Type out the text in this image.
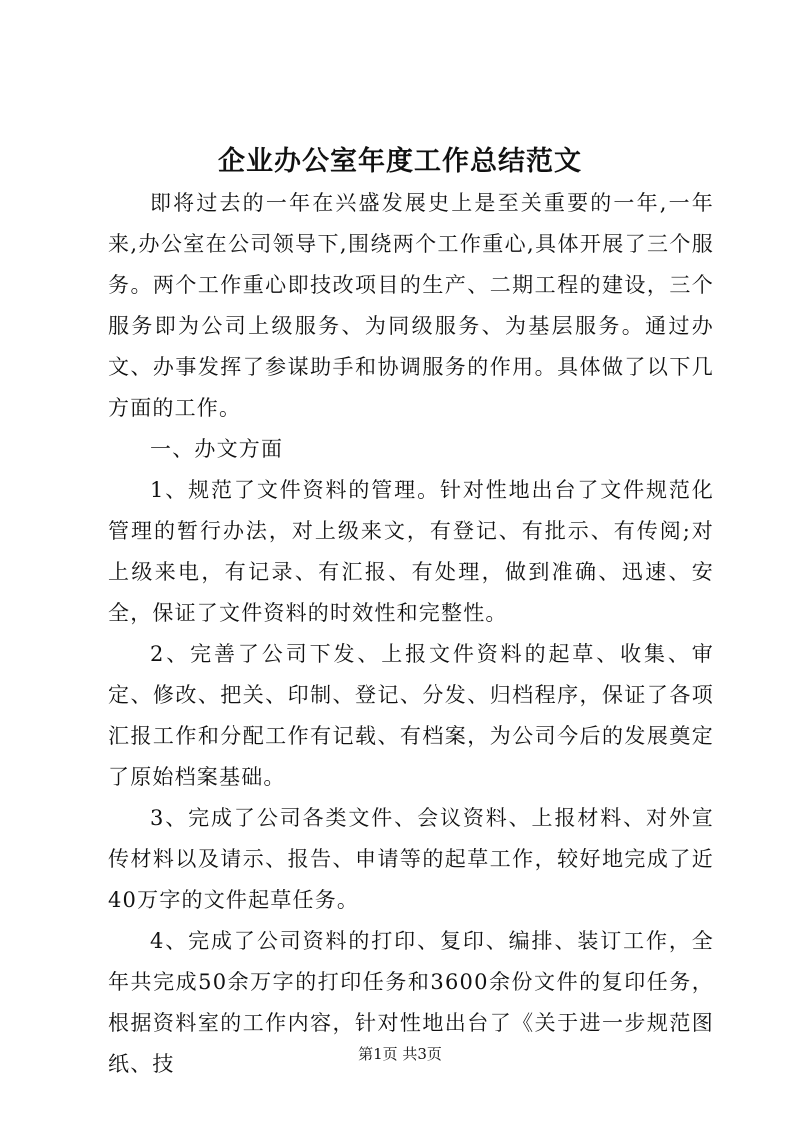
企业办公室年度工作总结范文

即将过去的一年在兴盛发展史上是至关重要的一年,一年来,办公室在公司领导下,围绕两个工作重心,具体开展了三个服务。两个工作重心即技改项目的生产、二期工程的建设，三个服务即为公司上级服务、为同级服务、为基层服务。通过办文、办事发挥了参谋助手和协调服务的作用。具体做了以下几方面的工作。

一、办文方面

1、规范了文件资料的管理。针对性地出台了文件规范化管理的暂行办法，对上级来文，有登记、有批示、有传阅;对上级来电，有记录、有汇报、有处理，做到准确、迅速、安全，保证了文件资料的时效性和完整性。

2、完善了公司下发、上报文件资料的起草、收集、审定、修改、把关、印制、登记、分发、归档程序，保证了各项汇报工作和分配工作有记载、有档案，为公司今后的发展奠定了原始档案基础。

3、完成了公司各类文件、会议资料、上报材料、对外宣传材料以及请示、报告、申请等的起草工作，较好地完成了近40万字的文件起草任务。

4、完成了公司资料的打印、复印、编排、装订工作，全年共完成50余万字的打印任务和3600余份文件的复印任务，根据资料室的工作内容，针对性地出台了《关于进一步规范图纸、技	第1页 共3页
